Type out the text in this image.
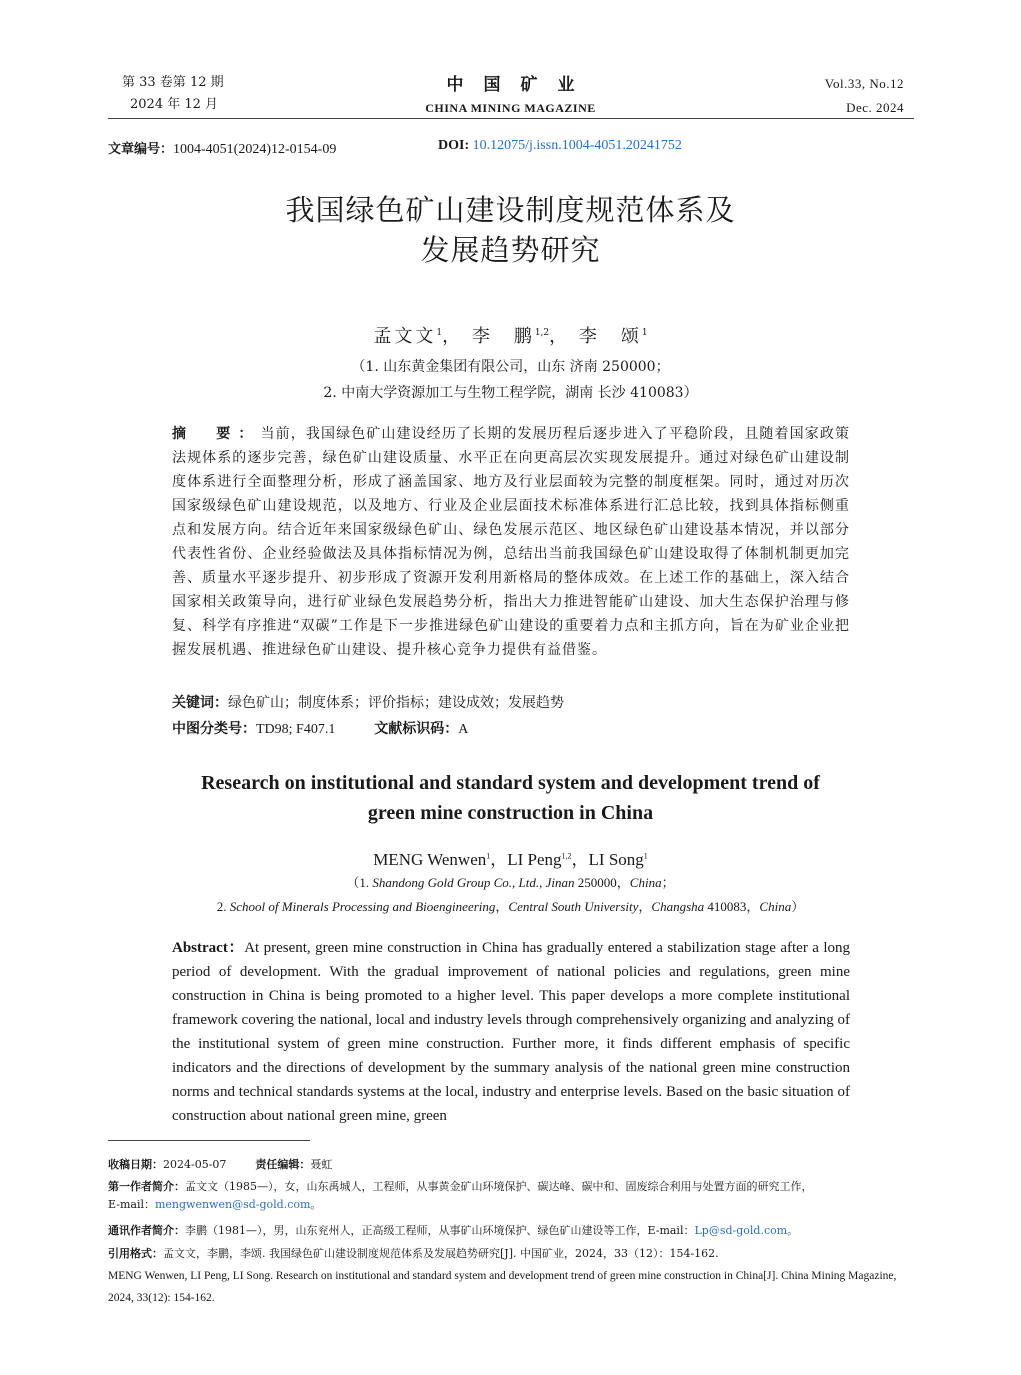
第 33 卷第 12 期
2024 年 12 月
中国矿业
CHINA MINING MAGAZINE
Vol.33, No.12
Dec. 2024
文章编号：1004-4051(2024)12-0154-09	DOI: 10.12075/j.issn.1004-4051.20241752
我国绿色矿山建设制度规范体系及
发展趋势研究
孟文文$^1$， 李　鹏$^{1,2}$， 李　颂$^1$
（1. 山东黄金集团有限公司，山东 济南 250000；
2. 中南大学资源加工与生物工程学院，湖南 长沙 410083）
摘　要：当前，我国绿色矿山建设经历了长期的发展历程后逐步进入了平稳阶段，且随着国家政策法规体系的逐步完善，绿色矿山建设质量、水平正在向更高层次实现发展提升。通过对绿色矿山建设制度体系进行全面整理分析，形成了涵盖国家、地方及行业层面较为完整的制度框架。同时，通过对历次国家级绿色矿山建设规范，以及地方、行业及企业层面技术标准体系进行汇总比较，找到具体指标侧重点和发展方向。结合近年来国家级绿色矿山、绿色发展示范区、地区绿色矿山建设基本情况，并以部分代表性省份、企业经验做法及具体指标情况为例，总结出当前我国绿色矿山建设取得了体制机制更加完善、质量水平逐步提升、初步形成了资源开发利用新格局的整体成效。在上述工作的基础上，深入结合国家相关政策导向，进行矿业绿色发展趋势分析，指出大力推进智能矿山建设、加大生态保护治理与修复、科学有序推进“双碳”工作是下一步推进绿色矿山建设的重要着力点和主抓方向，旨在为矿业企业把握发展机遇、推进绿色矿山建设、提升核心竞争力提供有益借鉴。
关键词：绿色矿山；制度体系；评价指标；建设成效；发展趋势
中图分类号：TD98; F407.1	文献标识码：A
Research on institutional and standard system and development trend of
green mine construction in China
MENG Wenwen$^1$，LI Peng$^{1,2}$，LI Song$^1$
（1. Shandong Gold Group Co., Ltd., Jinan 250000，China；
2. School of Minerals Processing and Bioengineering，Central South University，Changsha 410083，China）
Abstract：At present, green mine construction in China has gradually entered a stabilization stage after a long period of development. With the gradual improvement of national policies and regulations, green mine construction in China is being promoted to a higher level. This paper develops a more complete institutional framework covering the national, local and industry levels through comprehensively organizing and analyzing of the institutional system of green mine construction. Further more, it finds different emphasis of specific indicators and the directions of development by the summary analysis of the national green mine construction norms and technical standards systems at the local, industry and enterprise levels. Based on the basic situation of construction about national green mine, green
收稿日期：2024-05-07	责任编辑：聂虹
第一作者简介：孟文文（1985—），女，山东禹城人，工程师，从事黄金矿山环境保护、碳达峰、碳中和、固废综合利用与处置方面的研究工作，
E-mail：mengwenwen@sd-gold.com。
通讯作者简介：李鹏（1981—），男，山东兖州人，正高级工程师，从事矿山环境保护、绿色矿山建设等工作，E-mail：Lp@sd-gold.com。
引用格式：孟文文，李鹏，李颂. 我国绿色矿山建设制度规范体系及发展趋势研究[J]. 中国矿业，2024，33（12）：154-162.
MENG Wenwen, LI Peng, LI Song. Research on institutional and standard system and development trend of green mine construction in China[J]. China Mining Magazine, 2024, 33(12): 154-162.
